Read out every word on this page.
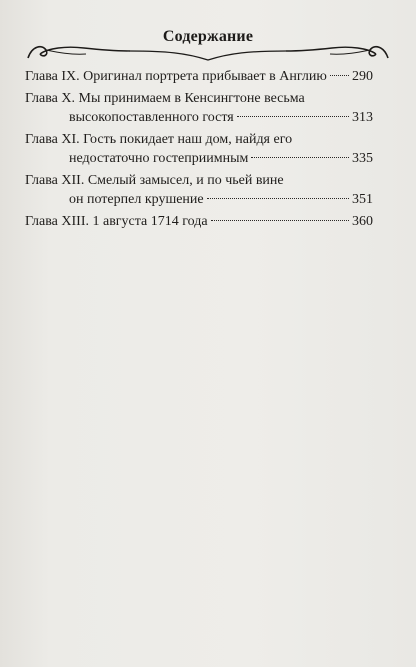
Содержание
Глава IX. Оригинал портрета прибывает в Англию 290
Глава X. Мы принимаем в Кенсингтоне весьма
высокопоставленного гостя	313
Глава XI. Гость покидает наш дом, найдя его
недостаточно гостеприимным	335
Глава XII. Смелый замысел, и по чьей вине
он потерпел крушение	351
Глава XIII. 1 августа 1714 года	360
